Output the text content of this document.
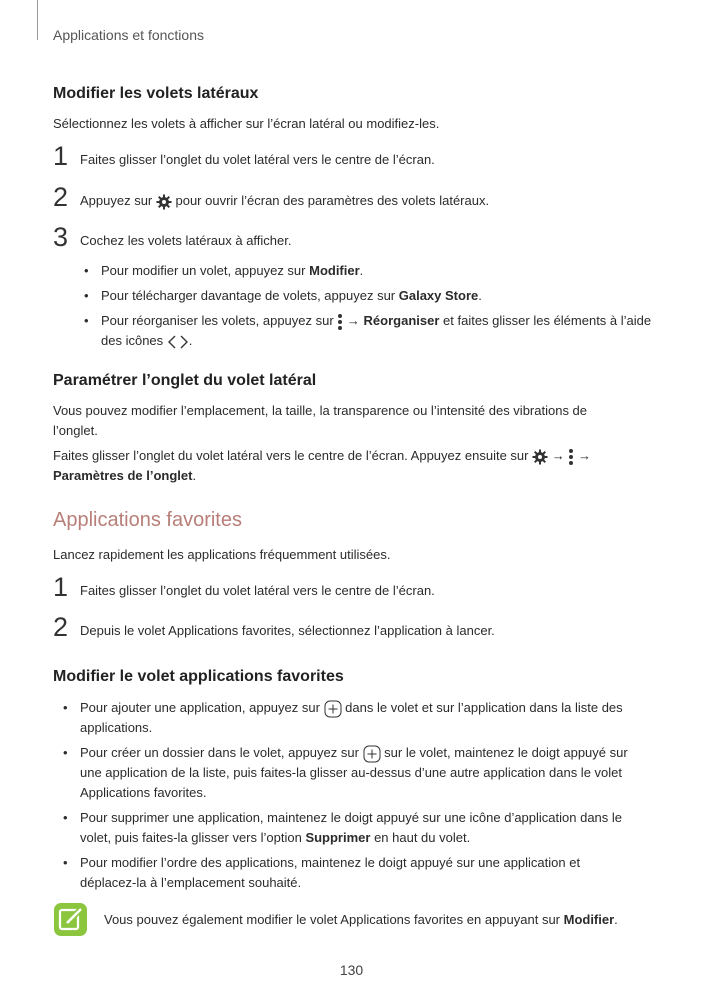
Applications et fonctions
Modifier les volets latéraux
Sélectionnez les volets à afficher sur l’écran latéral ou modifiez-les.
1 Faites glisser l’onglet du volet latéral vers le centre de l’écran.
2 Appuyez sur  pour ouvrir l’écran des paramètres des volets latéraux.
3 Cochez les volets latéraux à afficher.
• Pour modifier un volet, appuyez sur Modifier.
• Pour télécharger davantage de volets, appuyez sur Galaxy Store.
• Pour réorganiser les volets, appuyez sur  → Réorganiser et faites glisser les éléments à l’aide
des icônes .
Paramétrer l’onglet du volet latéral
Vous pouvez modifier l’emplacement, la taille, la transparence ou l’intensité des vibrations de
l’onglet.
Faites glisser l’onglet du volet latéral vers le centre de l’écran. Appuyez ensuite sur  →  →
Paramètres de l’onglet.
Applications favorites
Lancez rapidement les applications fréquemment utilisées.
1 Faites glisser l’onglet du volet latéral vers le centre de l’écran.
2 Depuis le volet Applications favorites, sélectionnez l’application à lancer.
Modifier le volet applications favorites
• Pour ajouter une application, appuyez sur  dans le volet et sur l’application dans la liste des
applications.
• Pour créer un dossier dans le volet, appuyez sur  sur le volet, maintenez le doigt appuyé sur
une application de la liste, puis faites-la glisser au-dessus d’une autre application dans le volet
Applications favorites.
• Pour supprimer une application, maintenez le doigt appuyé sur une icône d’application dans le
volet, puis faites-la glisser vers l’option Supprimer en haut du volet.
• Pour modifier l’ordre des applications, maintenez le doigt appuyé sur une application et
déplacez-la à l’emplacement souhaité.
Vous pouvez également modifier le volet Applications favorites en appuyant sur Modifier.
130
